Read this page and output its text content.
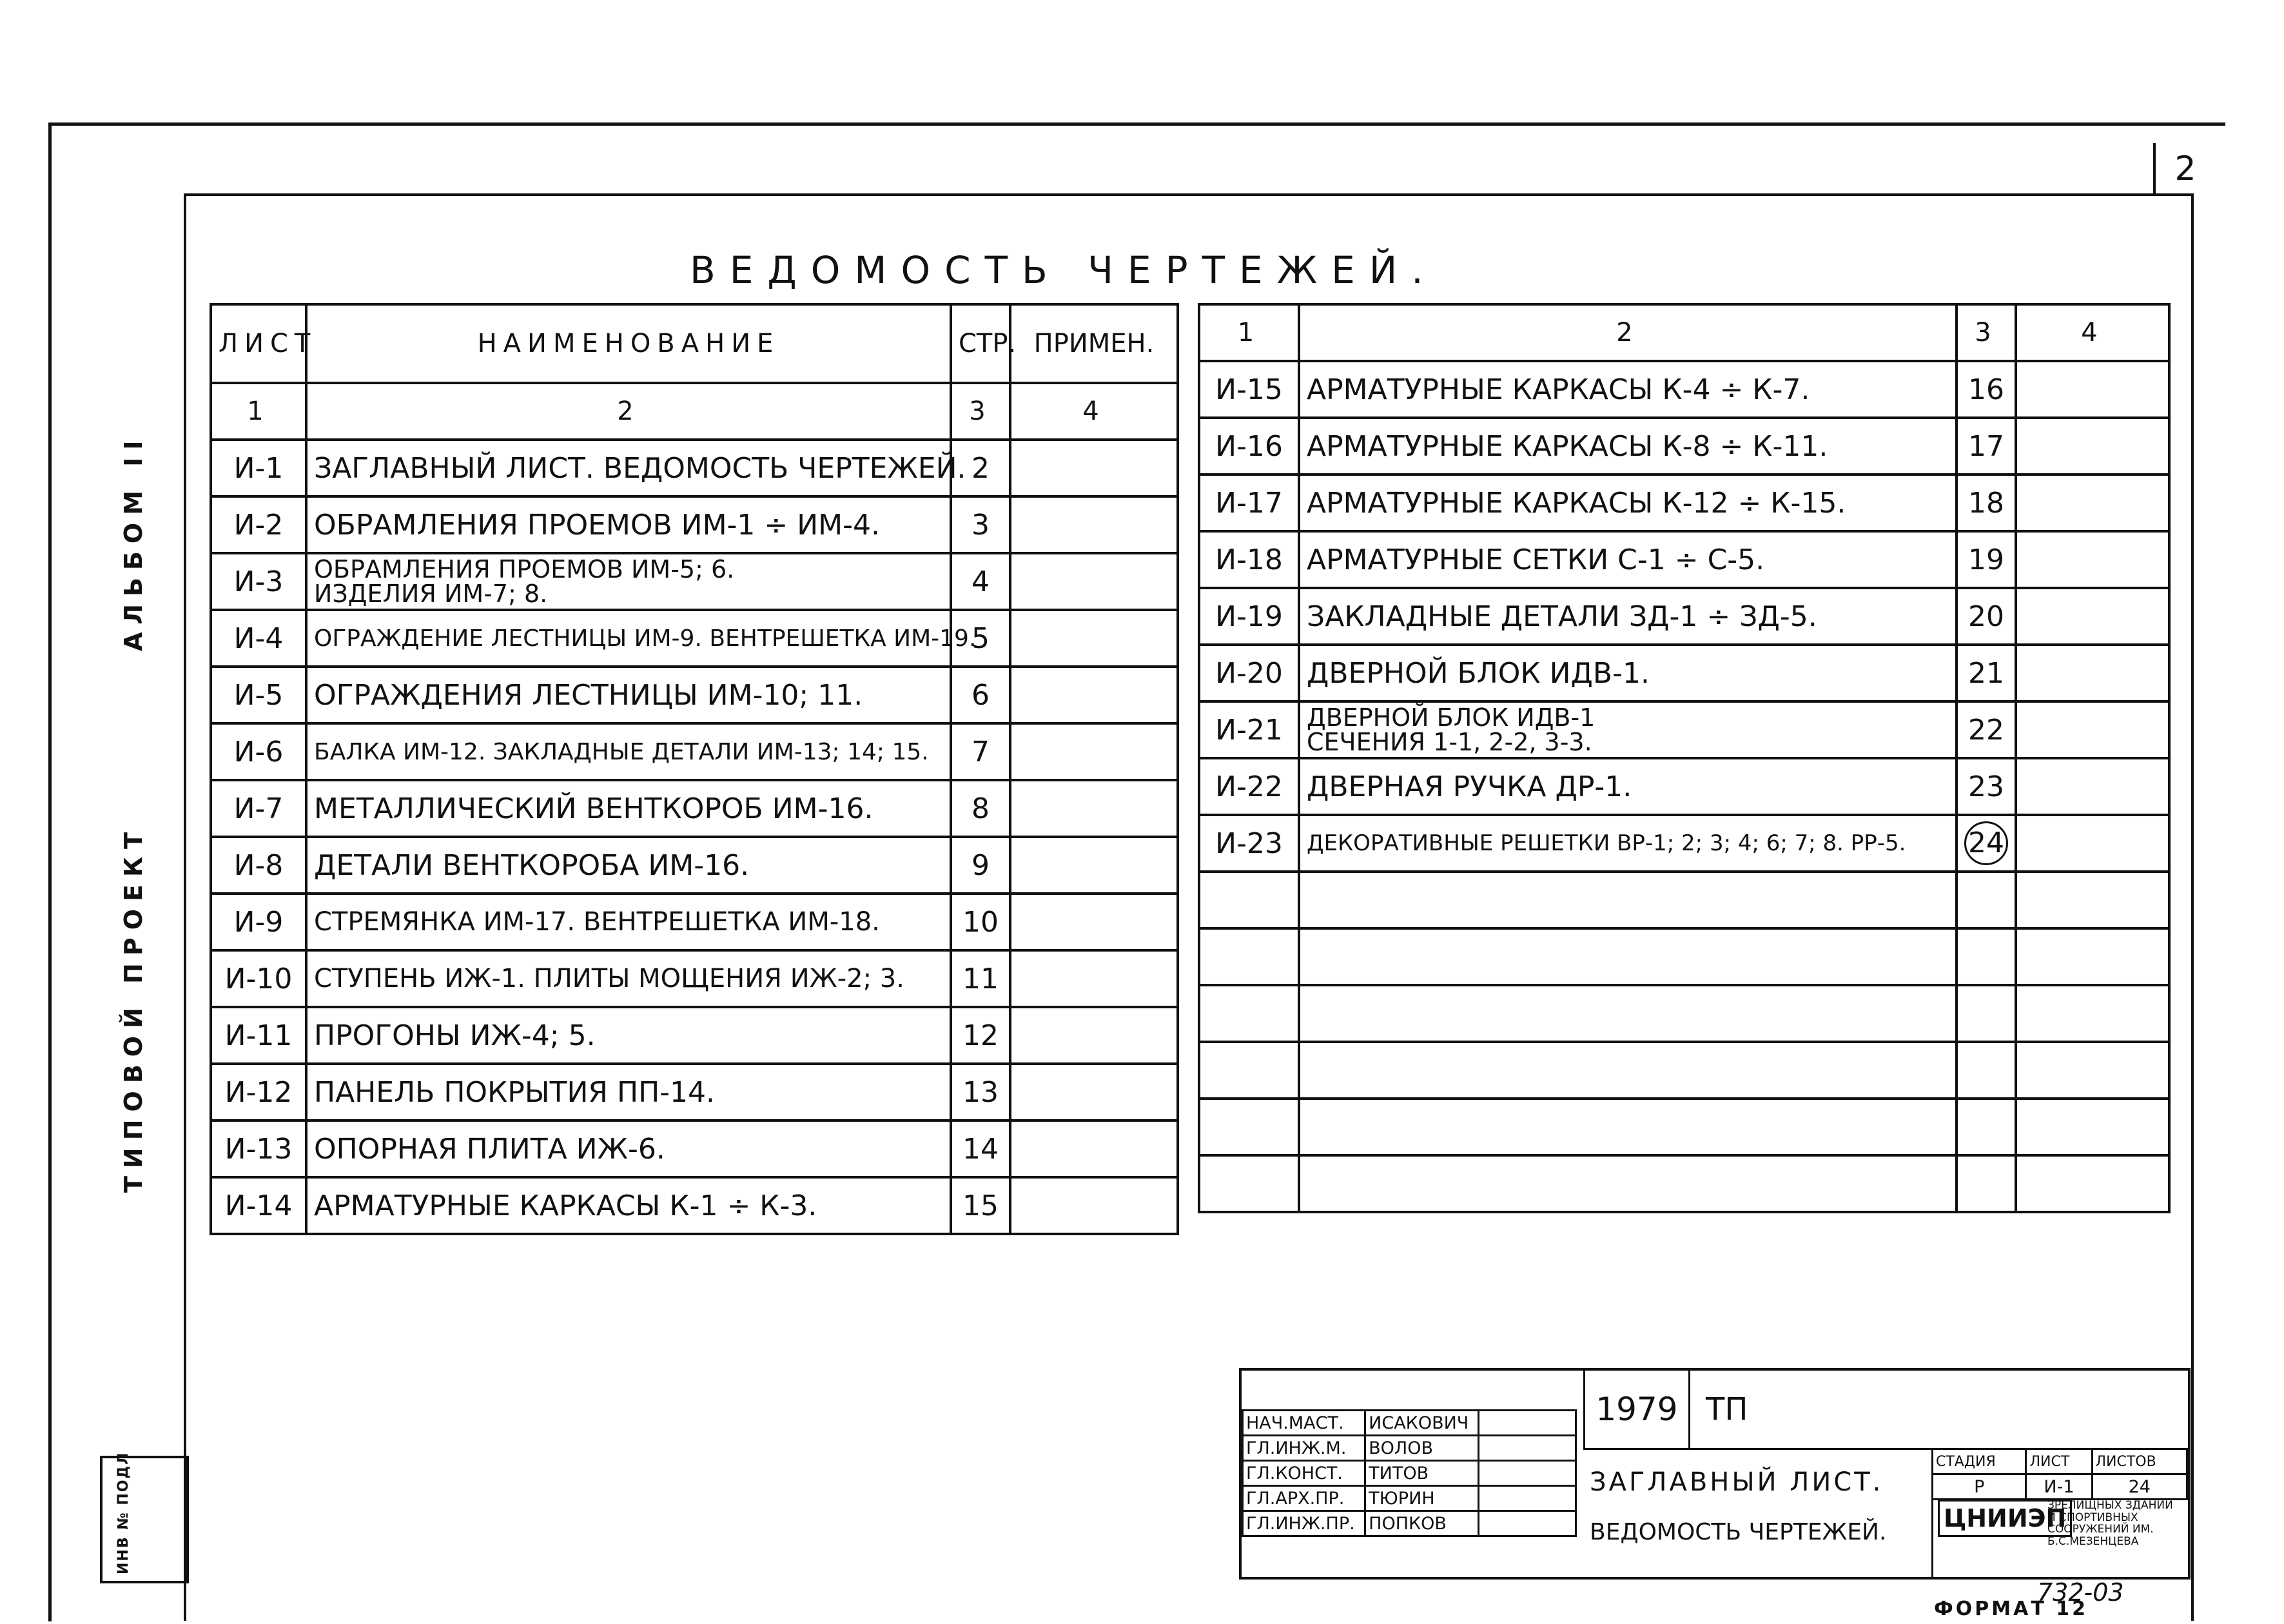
2
АЛЬБОМ II
ТИПОВОЙ ПРОЕКТ
ИНВ № ПОДЛ
ВЕДОМОСТЬ ЧЕРТЕЖЕЙ.
ЛИСТ	НАИМЕНОВАНИЕ	СТР.	ПРИМЕН.
1	2	3	4
И-1	ЗАГЛАВНЫЙ ЛИСТ. ВЕДОМОСТЬ ЧЕРТЕЖЕЙ.	2	
И-2	ОБРАМЛЕНИЯ ПРОЕМОВ ИМ-1 ÷ ИМ-4.	3	
И-3	ОБРАМЛЕНИЯ ПРОЕМОВ ИМ-5; 6.
ИЗДЕЛИЯ ИМ-7; 8.	4	
И-4	ОГРАЖДЕНИЕ ЛЕСТНИЦЫ ИМ-9. ВЕНТРЕШЕТКА ИМ-19.	5	
И-5	ОГРАЖДЕНИЯ ЛЕСТНИЦЫ ИМ-10; 11.	6	
И-6	БАЛКА ИМ-12. ЗАКЛАДНЫЕ ДЕТАЛИ ИМ-13; 14; 15.	7	
И-7	МЕТАЛЛИЧЕСКИЙ ВЕНТКОРОБ ИМ-16.	8	
И-8	ДЕТАЛИ ВЕНТКОРОБА ИМ-16.	9	
И-9	СТРЕМЯНКА ИМ-17. ВЕНТРЕШЕТКА ИМ-18.	10	
И-10	СТУПЕНЬ ИЖ-1. ПЛИТЫ МОЩЕНИЯ ИЖ-2; 3.	11	
И-11	ПРОГОНЫ ИЖ-4; 5.	12	
И-12	ПАНЕЛЬ ПОКРЫТИЯ ПП-14.	13	
И-13	ОПОРНАЯ ПЛИТА ИЖ-6.	14	
И-14	АРМАТУРНЫЕ КАРКАСЫ К-1 ÷ К-3.	15	
1	2	3	4
И-15	АРМАТУРНЫЕ КАРКАСЫ К-4 ÷ К-7.	16	
И-16	АРМАТУРНЫЕ КАРКАСЫ К-8 ÷ К-11.	17	
И-17	АРМАТУРНЫЕ КАРКАСЫ К-12 ÷ К-15.	18	
И-18	АРМАТУРНЫЕ СЕТКИ С-1 ÷ С-5.	19	
И-19	ЗАКЛАДНЫЕ ДЕТАЛИ ЗД-1 ÷ ЗД-5.	20	
И-20	ДВЕРНОЙ БЛОК ИДВ-1.	21	
И-21	ДВЕРНОЙ БЛОК ИДВ-1
СЕЧЕНИЯ 1-1, 2-2, 3-3.	22	
И-22	ДВЕРНАЯ РУЧКА ДР-1.	23	
И-23	ДЕКОРАТИВНЫЕ РЕШЕТКИ ВР-1; 2; 3; 4; 6; 7; 8. РР-5.	24	

НАЧ.МАСТ.	ИСАКОВИЧ	
ГЛ.ИНЖ.М.	ВОЛОВ	
ГЛ.КОНСТ.	ТИТОВ	
ГЛ.АРХ.ПР.	ТЮРИН	
ГЛ.ИНЖ.ПР.	ПОПКОВ	
1979 ТП
ЗАГЛАВНЫЙ ЛИСТ.
ВЕДОМОСТЬ ЧЕРТЕЖЕЙ.
СТАДИЯ	ЛИСТ	ЛИСТОВ
Р	И-1	24
ЦНИИЭП
ЗРЕЛИЩНЫХ ЗДАНИЙ И СПОРТИВНЫХ СООРУЖЕНИЙ ИМ. Б.С.МЕЗЕНЦЕВА
732-03
ФОРМАТ 12
